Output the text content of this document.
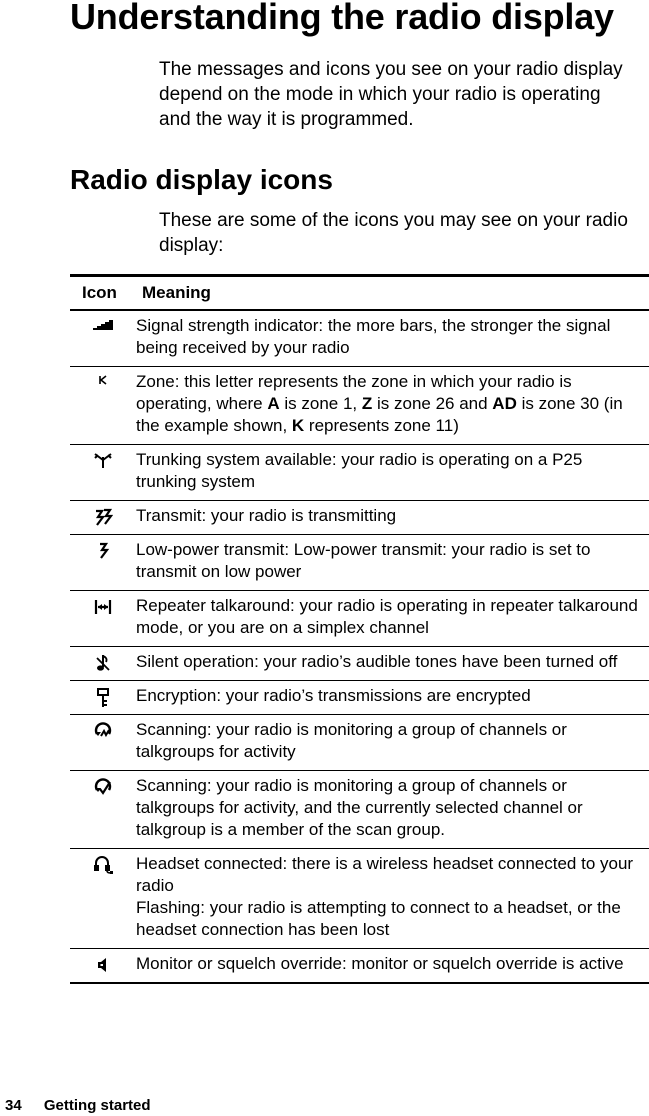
Understanding the radio display

The messages and icons you see on your radio display depend on the mode in which your radio is operating and the way it is programmed.

Radio display icons

These are some of the icons you may see on your radio display:

Icon	Meaning
Signal strength indicator: the more bars, the stronger the signal being received by your radio
Zone: this letter represents the zone in which your radio is operating, where A is zone 1, Z is zone 26 and AD is zone 30 (in the example shown, K represents zone 11)
Trunking system available: your radio is operating on a P25 trunking system
Transmit: your radio is transmitting
Low-power transmit: Low-power transmit: your radio is set to transmit on low power
Repeater talkaround: your radio is operating in repeater talkaround mode, or you are on a simplex channel
Silent operation: your radio’s audible tones have been turned off
Encryption: your radio’s transmissions are encrypted
Scanning: your radio is monitoring a group of channels or talkgroups for activity
Scanning: your radio is monitoring a group of channels or talkgroups for activity, and the currently selected channel or talkgroup is a member of the scan group.
Headset connected: there is a wireless headset connected to your radio
Flashing: your radio is attempting to connect to a headset, or the headset connection has been lost
Monitor or squelch override: monitor or squelch override is active
34 Getting started
